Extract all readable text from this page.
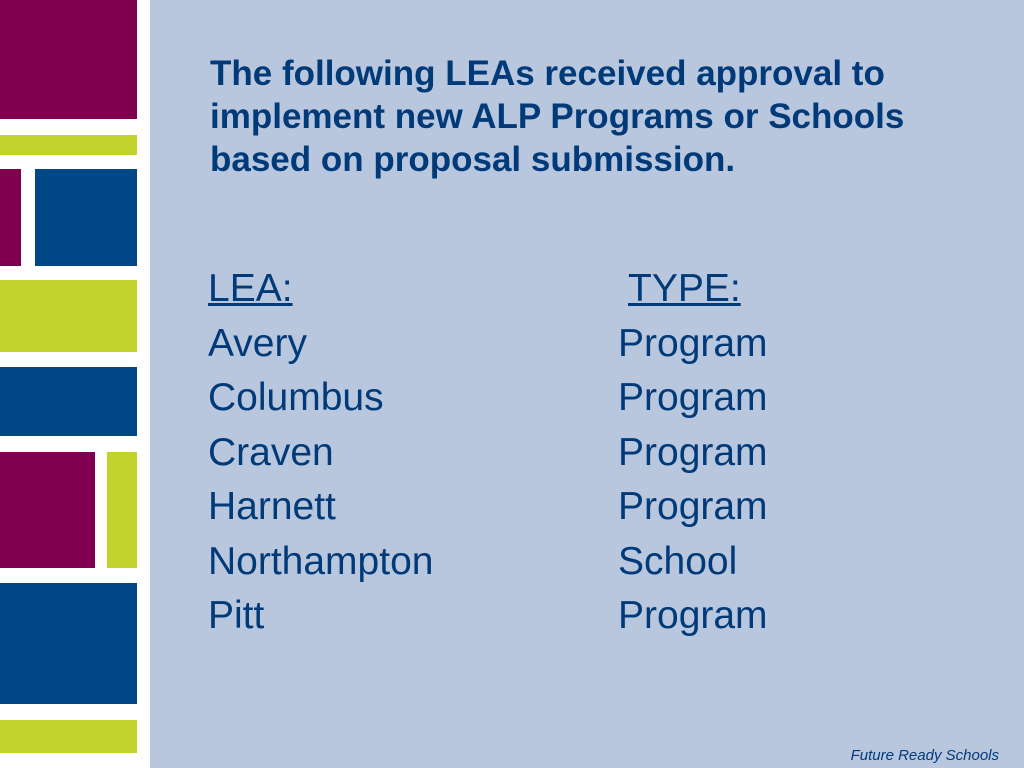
The following LEAs received approval to implement new ALP Programs or Schools based on proposal submission.
LEA:	TYPE:
Avery	Program
Columbus	Program
Craven	Program
Harnett	Program
Northampton	School
Pitt	Program
Future Ready Schools
